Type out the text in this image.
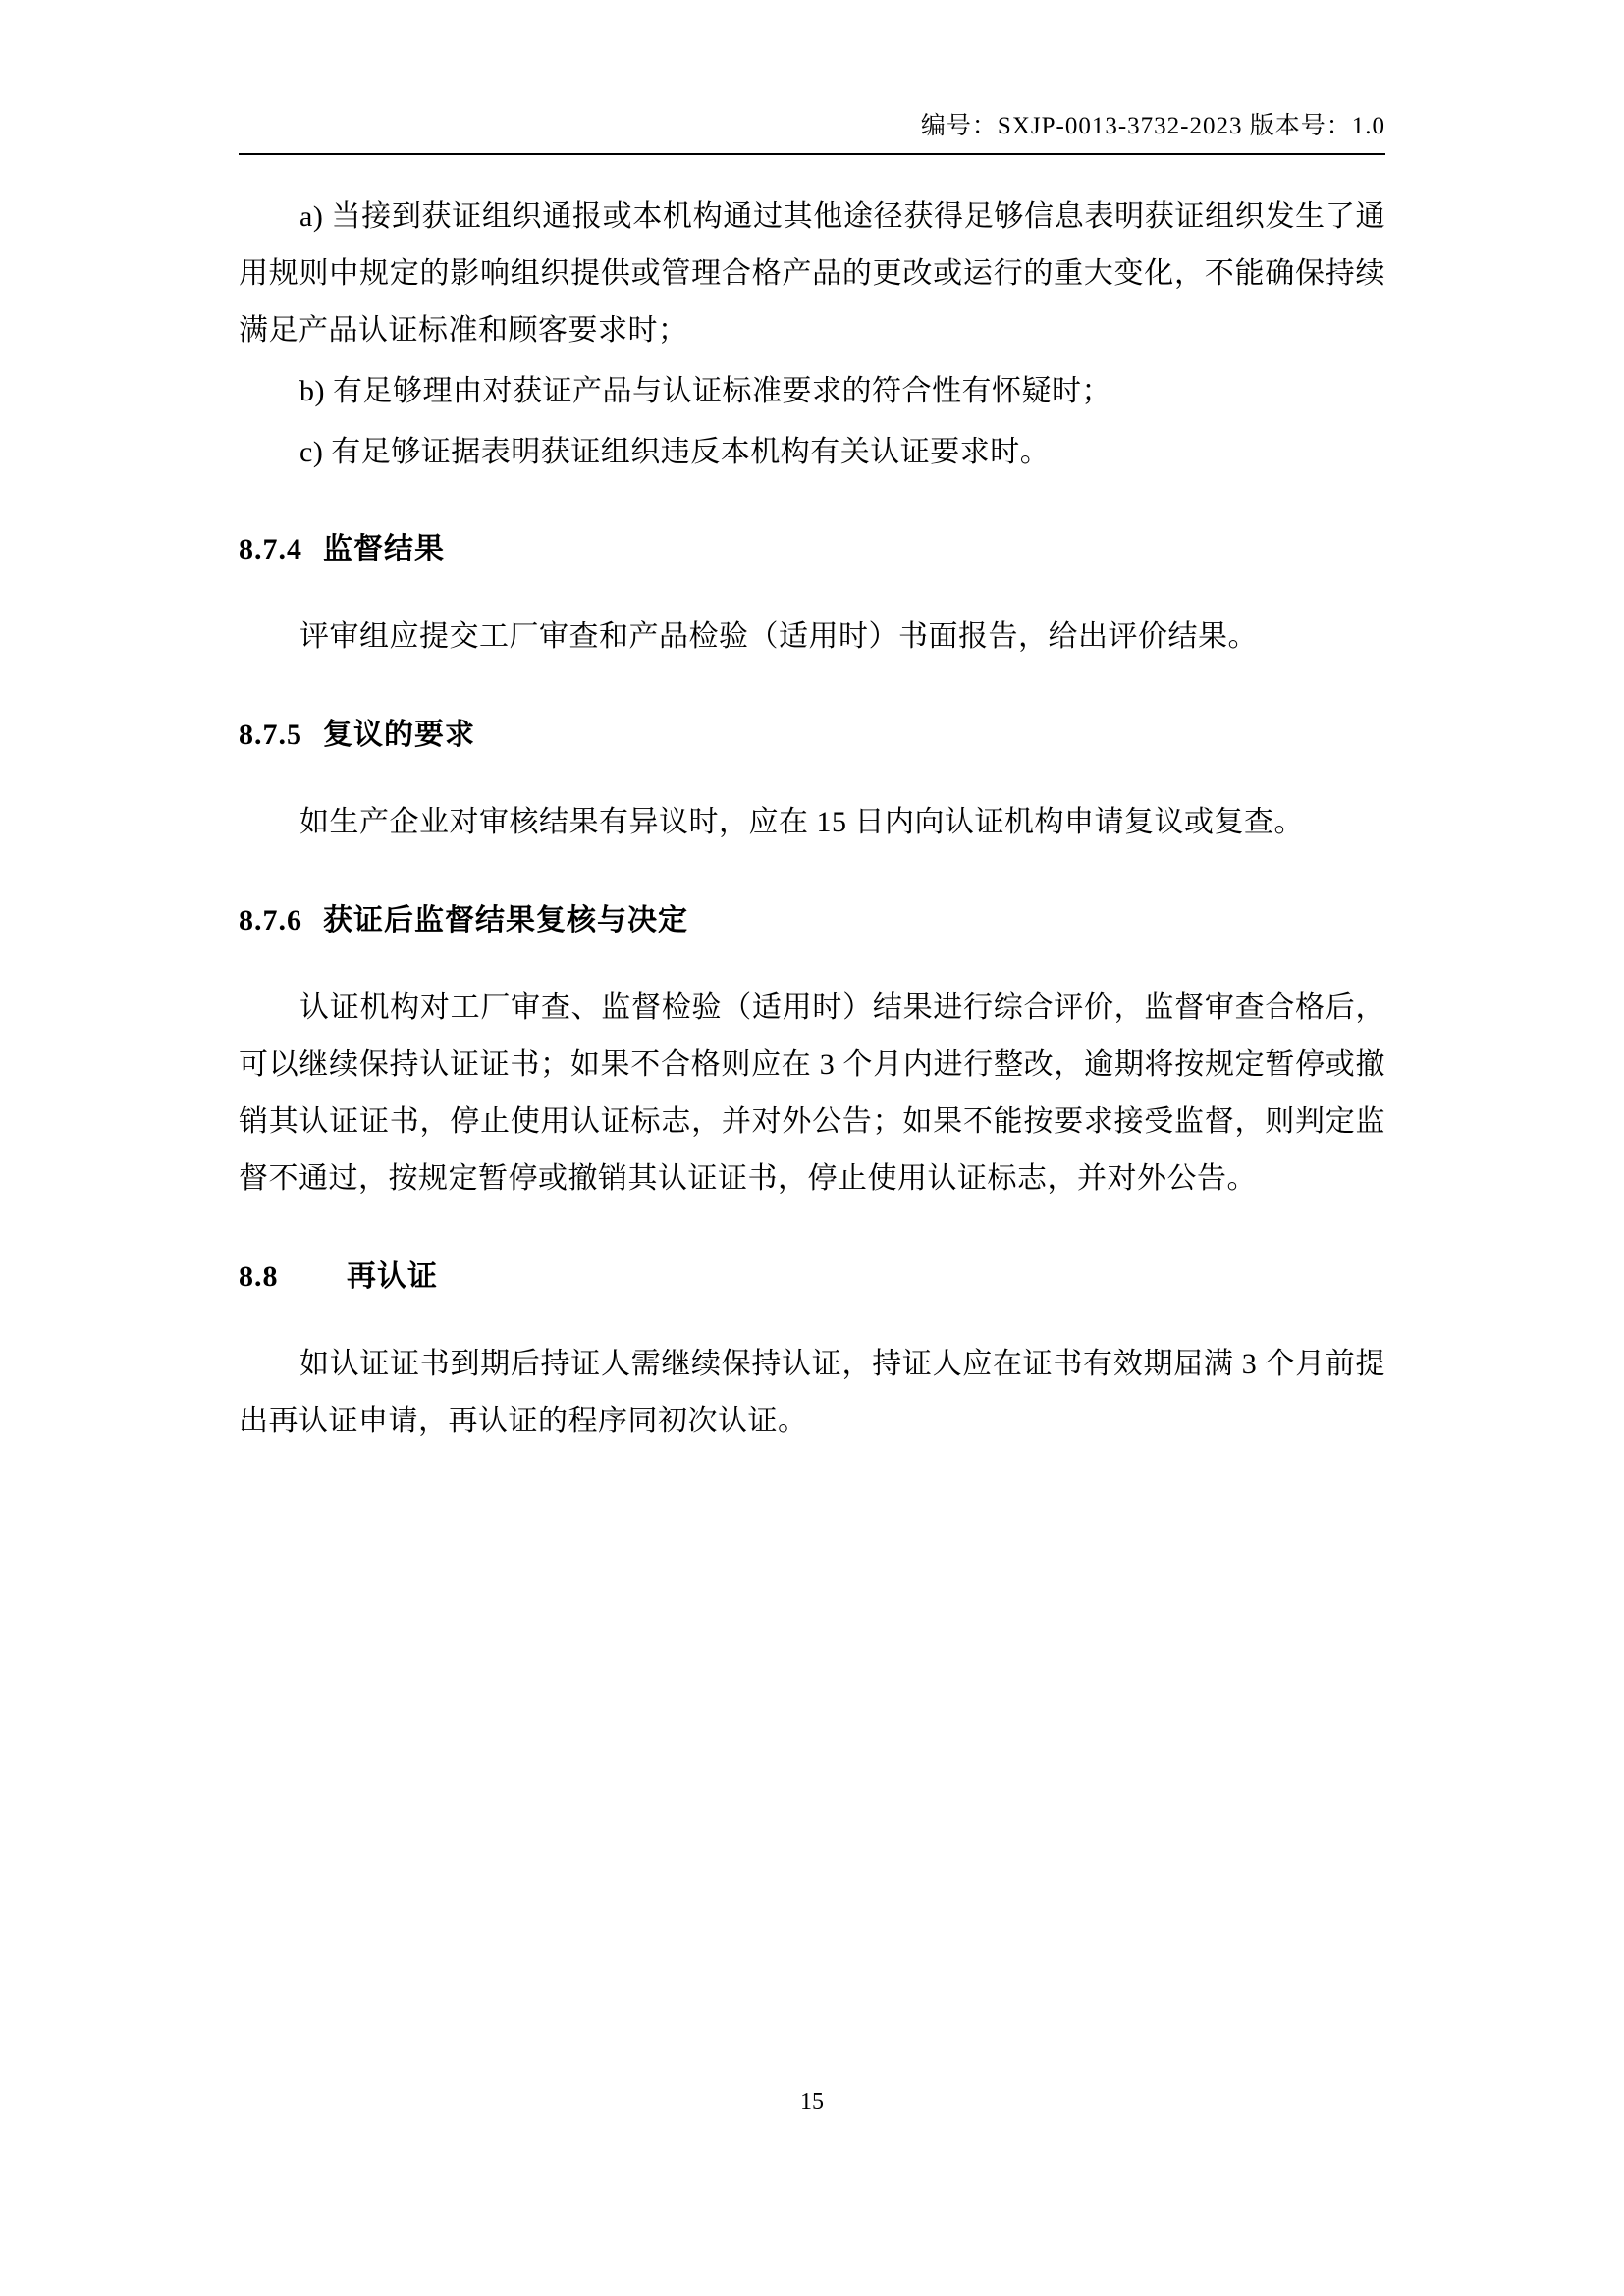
编号：SXJP-0013-3732-2023 版本号：1.0

a) 当接到获证组织通报或本机构通过其他途径获得足够信息表明获证组织发生了通用规则中规定的影响组织提供或管理合格产品的更改或运行的重大变化，不能确保持续满足产品认证标准和顾客要求时；

b) 有足够理由对获证产品与认证标准要求的符合性有怀疑时；

c) 有足够证据表明获证组织违反本机构有关认证要求时。

8.7.4 监督结果

评审组应提交工厂审查和产品检验（适用时）书面报告，给出评价结果。

8.7.5 复议的要求

如生产企业对审核结果有异议时，应在 15 日内向认证机构申请复议或复查。

8.7.6 获证后监督结果复核与决定

认证机构对工厂审查、监督检验（适用时）结果进行综合评价，监督审查合格后，可以继续保持认证证书；如果不合格则应在 3 个月内进行整改，逾期将按规定暂停或撤销其认证证书，停止使用认证标志，并对外公告；如果不能按要求接受监督，则判定监督不通过，按规定暂停或撤销其认证证书，停止使用认证标志，并对外公告。

8.8 再认证

如认证证书到期后持证人需继续保持认证，持证人应在证书有效期届满 3 个月前提出再认证申请，再认证的程序同初次认证。

15
